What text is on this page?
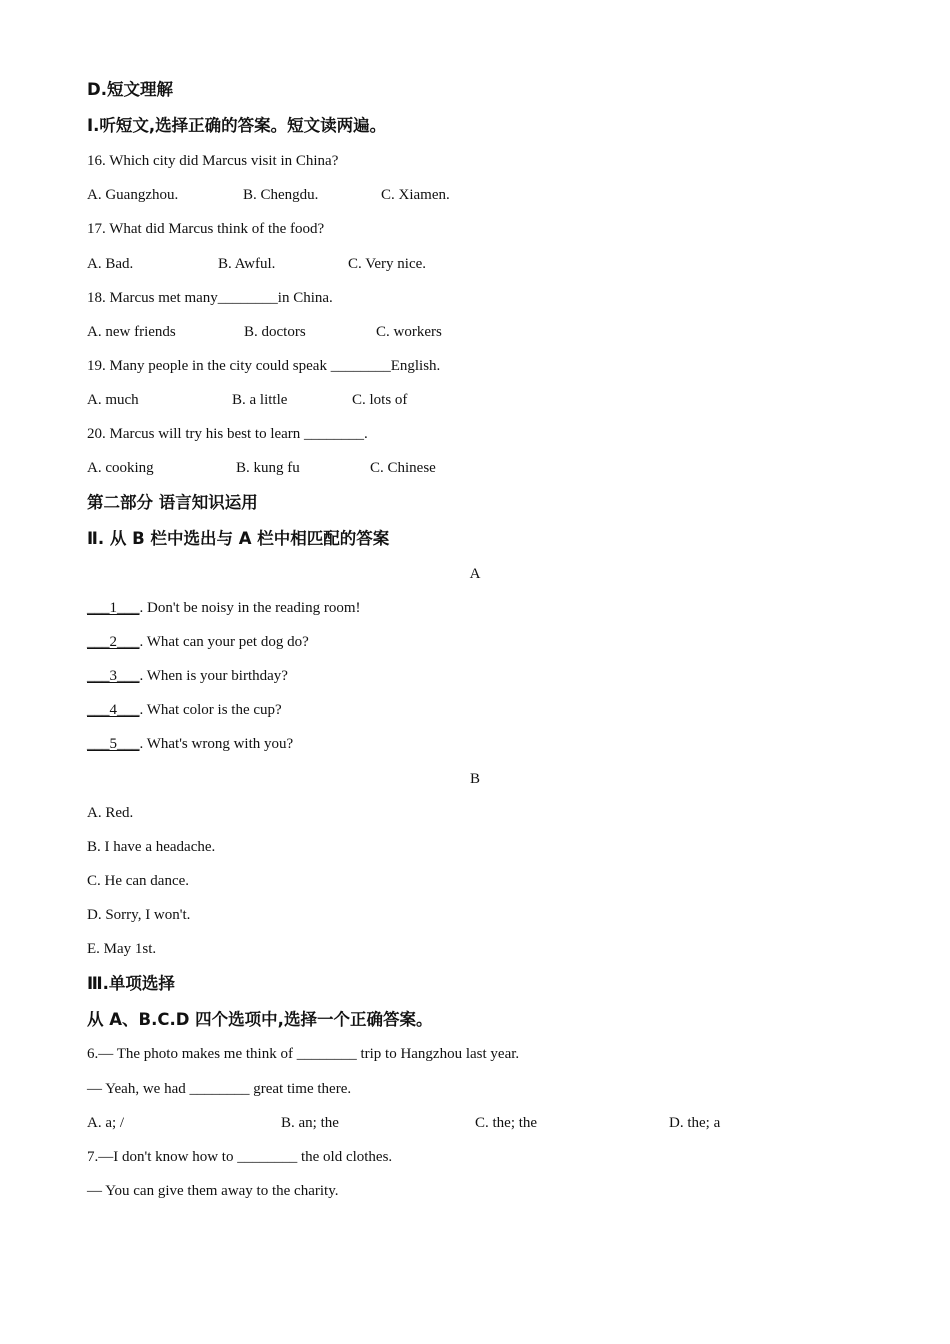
D.短文理解
Ⅰ.听短文,选择正确的答案。短文读两遍。
16. Which city did Marcus visit in China?
A. Guangzhou.	B. Chengdu.	C. Xiamen.
17. What did Marcus think of the food?
A. Bad.	B. Awful.	C. Very nice.
18. Marcus met many________in China.
A. new friends	B. doctors	C. workers
19. Many people in the city could speak ________English.
A. much	B. a little	C. lots of
20. Marcus will try his best to learn ________.
A. cooking	B. kung fu	C. Chinese
第二部分 语言知识运用
Ⅱ. 从 B 栏中选出与 A 栏中相匹配的答案
A
___1___. Don't be noisy in the reading room!
___2___. What can your pet dog do?
___3___. When is your birthday?
___4___. What color is the cup?
___5___. What's wrong with you?
B
A. Red.
B. I have a headache.
C. He can dance.
D. Sorry, I won't.
E. May 1st.
Ⅲ.单项选择
从 A、B.C.D 四个选项中,选择一个正确答案。
6.— The photo makes me think of ________ trip to Hangzhou last year.
— Yeah, we had ________ great time there.
A. a; /	B. an; the	C. the; the	D. the; a
7.—I don't know how to ________ the old clothes.
— You can give them away to the charity.
